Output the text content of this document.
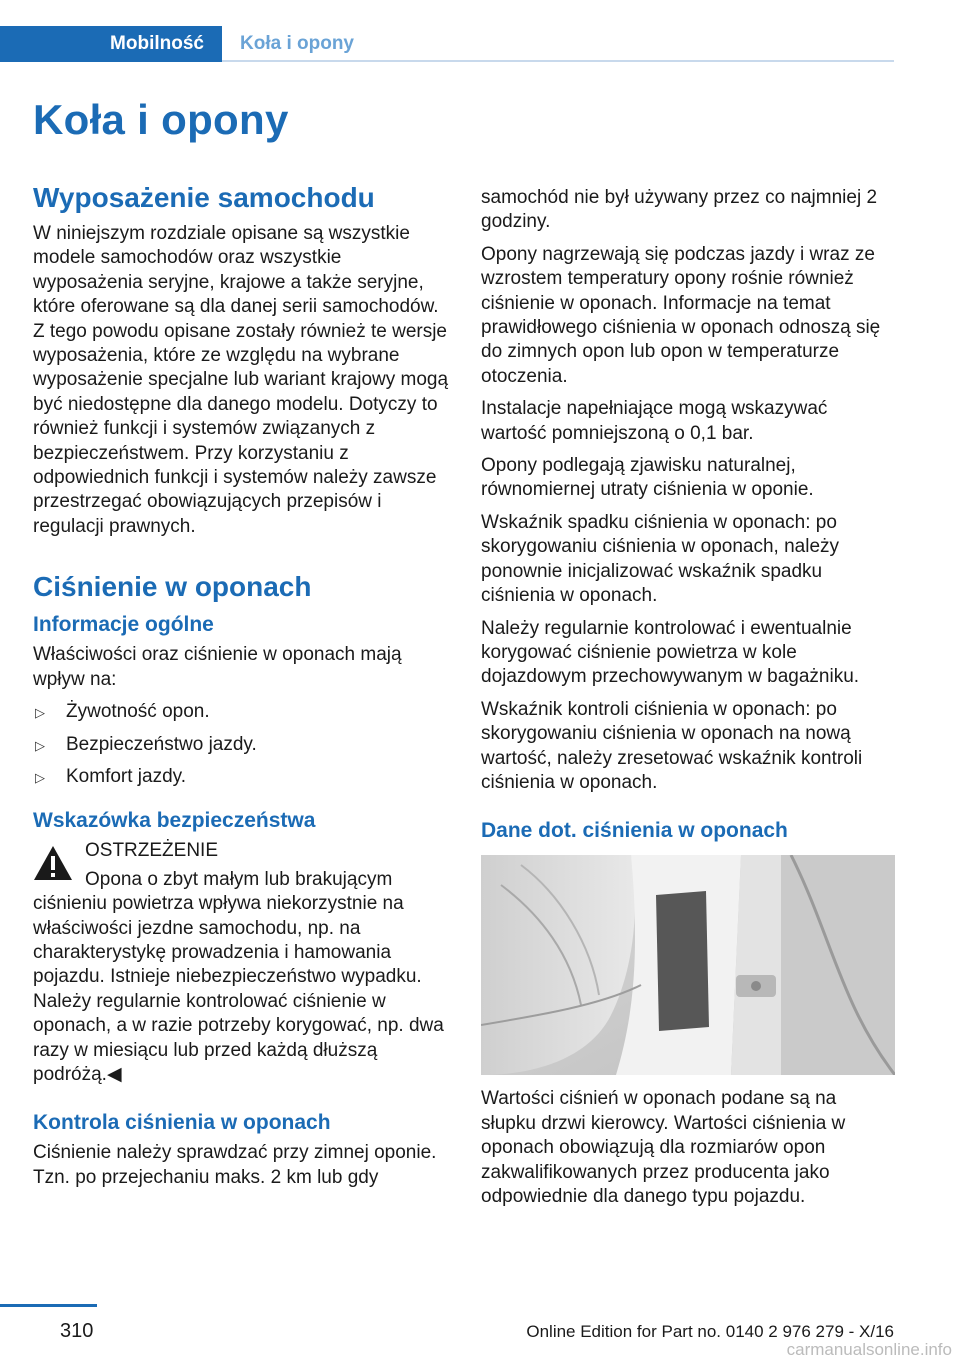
Mobilność	Koła i opony
Koła i opony
Wyposażenie samochodu

W niniejszym rozdziale opisane są wszystkie modele samochodów oraz wszystkie wyposażenia seryjne, krajowe a także seryjne, które oferowane są dla danej serii samochodów. Z tego powodu opisane zostały również te wersje wyposażenia, które ze względu na wybrane wyposażenie specjalne lub wariant krajowy mogą być niedostępne dla danego modelu. Dotyczy to również funkcji i systemów związanych z bezpieczeństwem. Przy korzystaniu z odpowiednich funkcji i systemów należy zawsze przestrzegać obowiązujących przepisów i regulacji prawnych.

Ciśnienie w oponach
Informacje ogólne

Właściwości oraz ciśnienie w oponach mają wpływ na:

▷ Żywotność opon.
▷ Bezpieczeństwo jazdy.
▷ Komfort jazdy.
Wskazówka bezpieczeństwa
OSTRZEŻENIE
Opona o zbyt małym lub brakującym ciśnieniu powietrza wpływa niekorzystnie na właściwości jezdne samochodu, np. na charakterystykę prowadzenia i hamowania pojazdu. Istnieje niebezpieczeństwo wypadku. Należy regularnie kontrolować ciśnienie w oponach, a w razie potrzeby korygować, np. dwa razy w miesiącu lub przed każdą dłuższą podróżą.◀
Kontrola ciśnienia w oponach

Ciśnienie należy sprawdzać przy zimnej oponie. Tzn. po przejechaniu maks. 2 km lub gdy

samochód nie był używany przez co najmniej 2 godziny.

Opony nagrzewają się podczas jazdy i wraz ze wzrostem temperatury opony rośnie również ciśnienie w oponach. Informacje na temat prawidłowego ciśnienia w oponach odnoszą się do zimnych opon lub opon w temperaturze otoczenia.

Instalacje napełniające mogą wskazywać wartość pomniejszoną o 0,1 bar.

Opony podlegają zjawisku naturalnej, równomiernej utraty ciśnienia w oponie.

Wskaźnik spadku ciśnienia w oponach: po skorygowaniu ciśnienia w oponach, należy ponownie inicjalizować wskaźnik spadku ciśnienia w oponach.

Należy regularnie kontrolować i ewentualnie korygować ciśnienie powietrza w kole dojazdowym przechowywanym w bagażniku.

Wskaźnik kontroli ciśnienia w oponach: po skorygowaniu ciśnienia w oponach na nową wartość, należy zresetować wskaźnik kontroli ciśnienia w oponach.

Dane dot. ciśnienia w oponach

Wartości ciśnień w oponach podane są na słupku drzwi kierowcy. Wartości ciśnienia w oponach obowiązują dla rozmiarów opon zakwalifikowanych przez producenta jako odpowiednie dla danego typu pojazdu.

310	Online Edition for Part no. 0140 2 976 279 - X/16
carmanualsonline.info
